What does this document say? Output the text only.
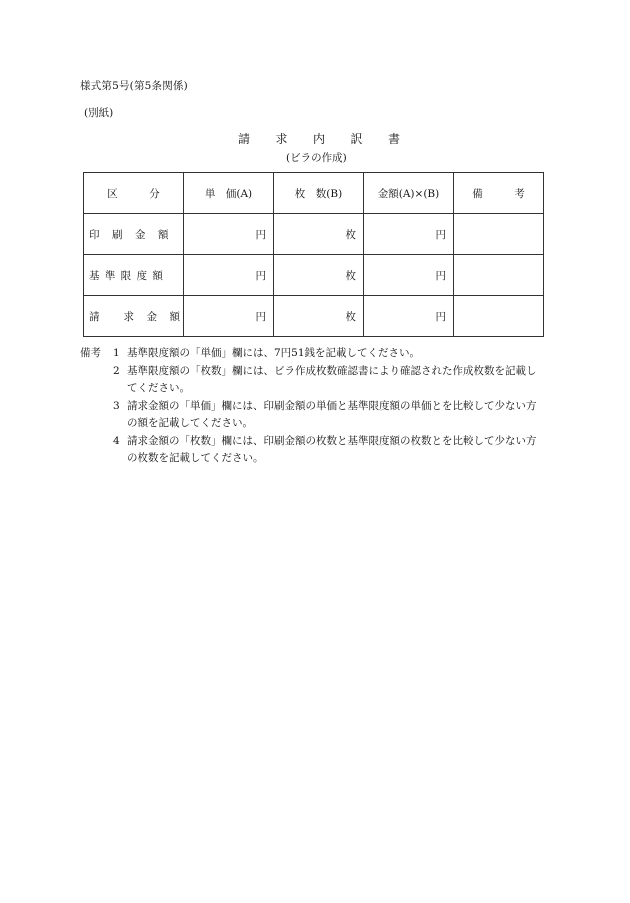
様式第5号(第5条関係)
(別紙)
請　　求　　内　　訳　　書
(ビラの作成)
区　　　分	単　価(A)	枚　数(B)	金額(A)×(B)	備　　　考
印　刷　金　額	円	枚	円	
基 準 限 度 額	円	枚	円	
請　　求　金　額	円	枚	円	
備考	1 基準限度額の「単価」欄には、7円51銭を記載してください。
2 基準限度額の「枚数」欄には、ビラ作成枚数確認書により確認された作成枚数を記載してください。
3 請求金額の「単価」欄には、印刷金額の単価と基準限度額の単価とを比較して少ない方の額を記載してください。
4 請求金額の「枚数」欄には、印刷金額の枚数と基準限度額の枚数とを比較して少ない方の枚数を記載してください。
